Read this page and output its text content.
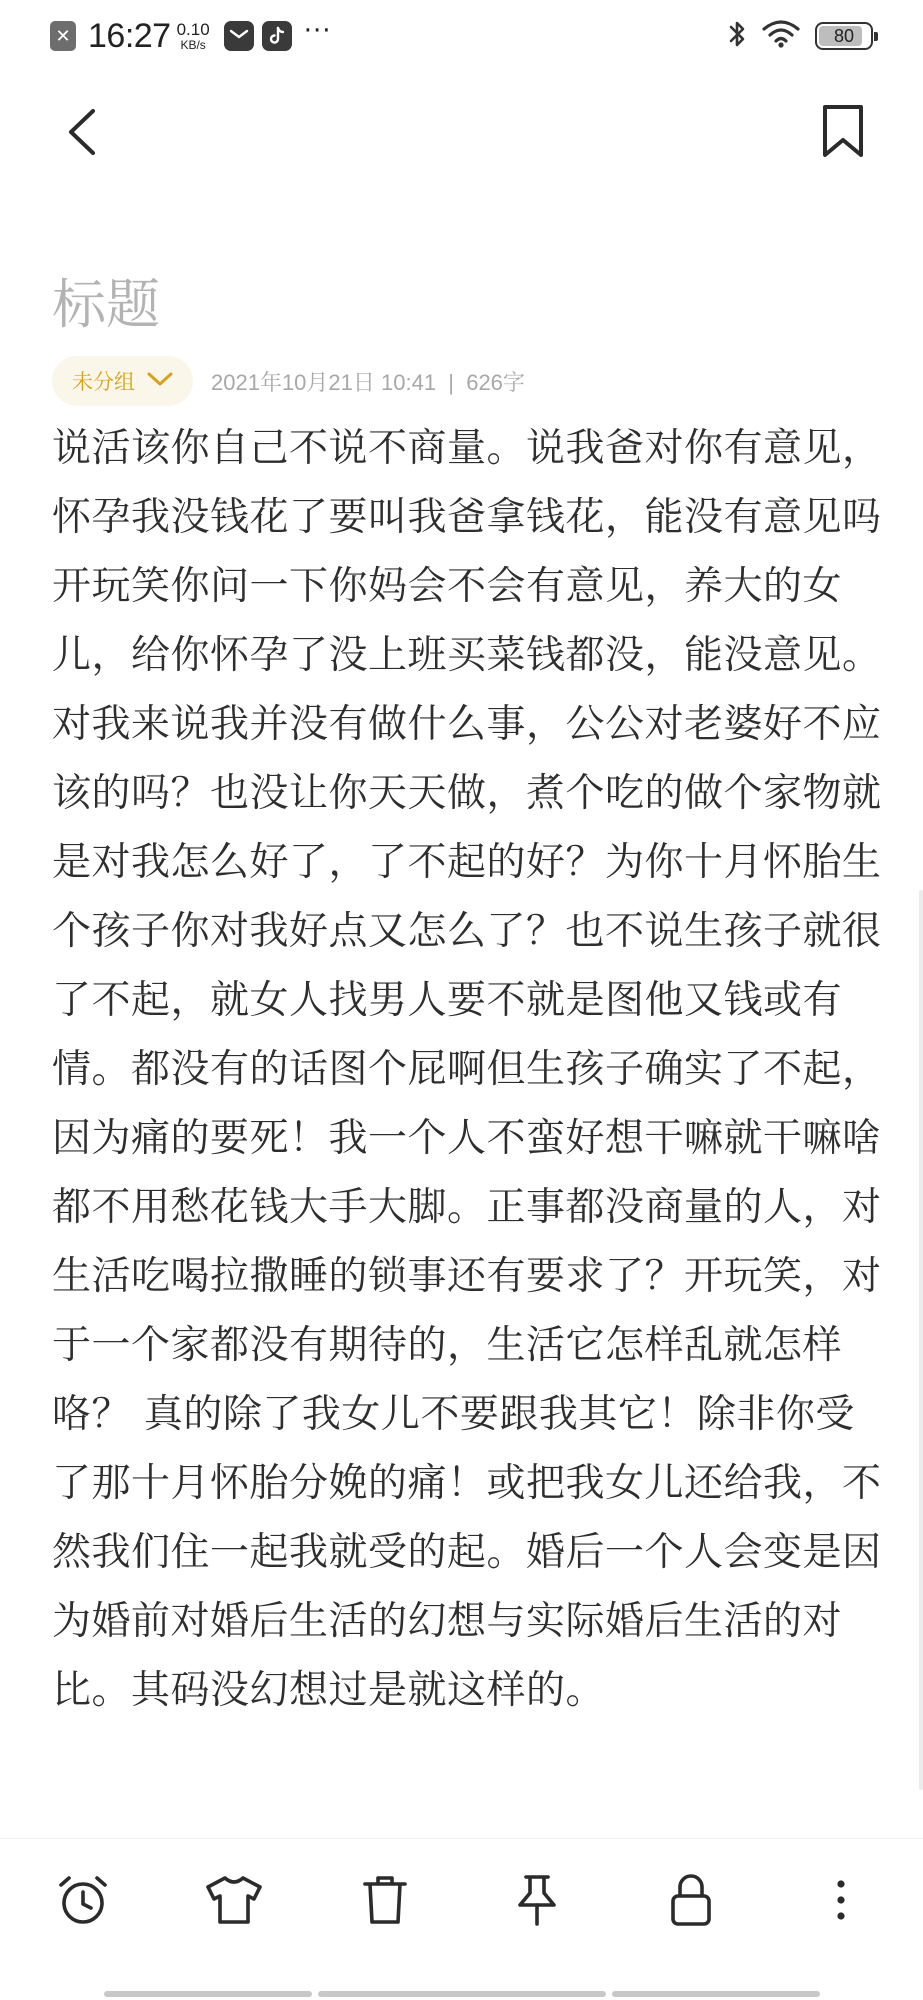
✕ 16:27 0.10
KB/s	···	80
标题
未分组	2021年10月21日 10:41  |  626字
说活该你自己不说不商量。说我爸对你有意见，怀孕我没钱花了要叫我爸拿钱花，能没有意见吗开玩笑你问一下你妈会不会有意见，养大的女儿，给你怀孕了没上班买菜钱都没，能没意见。对我来说我并没有做什么事，公公对老婆好不应该的吗？也没让你天天做，煮个吃的做个家物就是对我怎么好了，了不起的好？为你十月怀胎生个孩子你对我好点又怎么了？也不说生孩子就很了不起，就女人找男人要不就是图他又钱或有情。都没有的话图个屁啊但生孩子确实了不起，因为痛的要死！我一个人不蛮好想干嘛就干嘛啥都不用愁花钱大手大脚。正事都没商量的人，对生活吃喝拉撒睡的锁事还有要求了？开玩笑，对于一个家都没有期待的，生活它怎样乱就怎样咯？ 真的除了我女儿不要跟我其它！除非你受了那十月怀胎分娩的痛！或把我女儿还给我，不然我们住一起我就受的起。婚后一个人会变是因为婚前对婚后生活的幻想与实际婚后生活的对比。其码没幻想过是就这样的。
